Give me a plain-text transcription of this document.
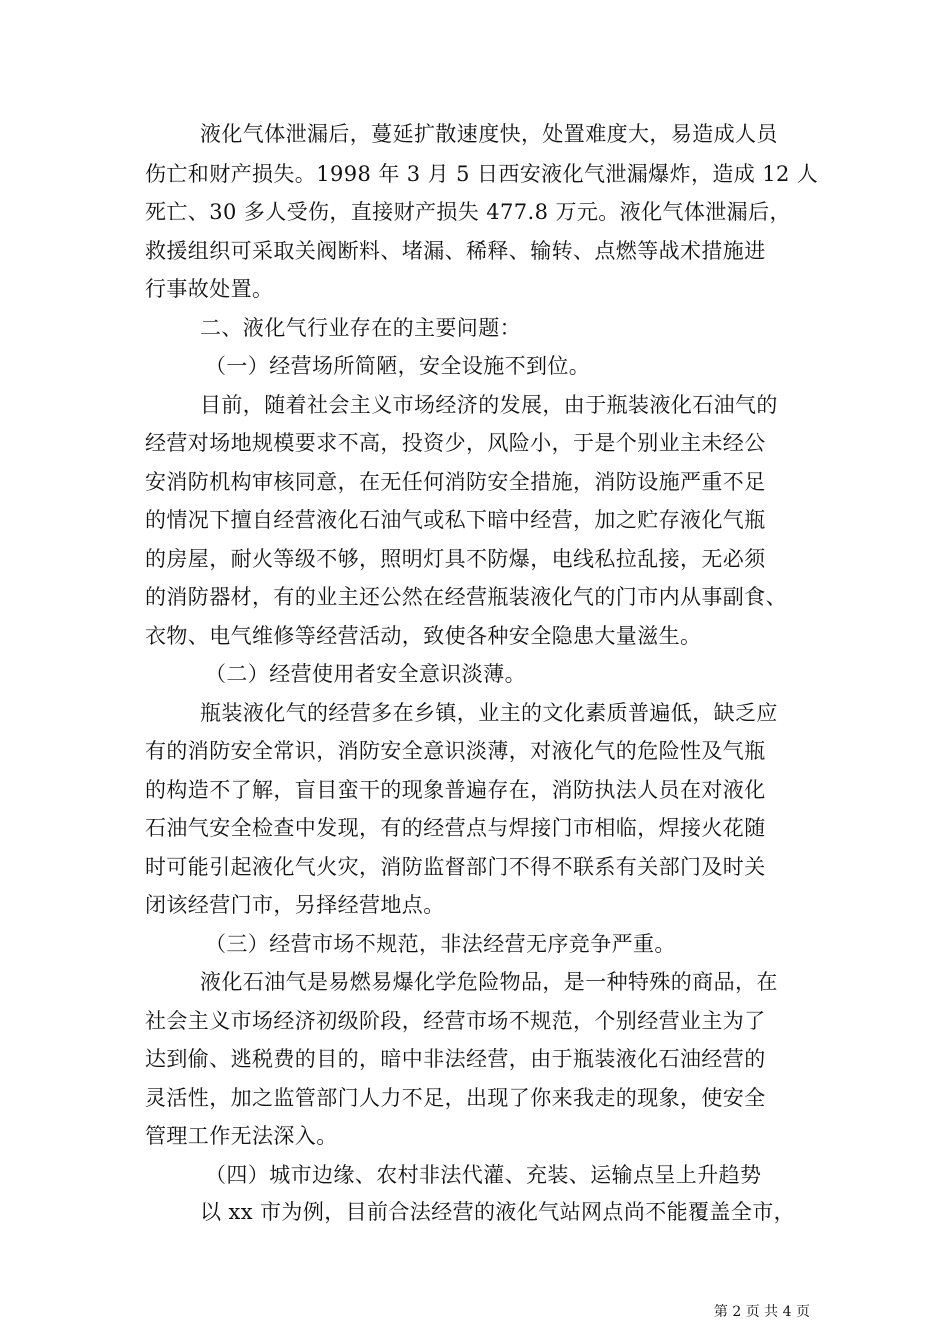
液化气体泄漏后，蔓延扩散速度快，处置难度大，易造成人员
伤亡和财产损失。1998 年 3 月 5 日西安液化气泄漏爆炸，造成 12 人
死亡、30 多人受伤，直接财产损失 477.8 万元。液化气体泄漏后，
救援组织可采取关阀断料、堵漏、稀释、输转、点燃等战术措施进
行事故处置。
二、液化气行业存在的主要问题：
（一）经营场所简陋，安全设施不到位。
目前，随着社会主义市场经济的发展，由于瓶装液化石油气的
经营对场地规模要求不高，投资少，风险小，于是个别业主未经公
安消防机构审核同意，在无任何消防安全措施，消防设施严重不足
的情况下擅自经营液化石油气或私下暗中经营，加之贮存液化气瓶
的房屋，耐火等级不够，照明灯具不防爆，电线私拉乱接，无必须
的消防器材，有的业主还公然在经营瓶装液化气的门市内从事副食、
衣物、电气维修等经营活动，致使各种安全隐患大量滋生。
（二）经营使用者安全意识淡薄。
瓶装液化气的经营多在乡镇，业主的文化素质普遍低，缺乏应
有的消防安全常识，消防安全意识淡薄，对液化气的危险性及气瓶
的构造不了解，盲目蛮干的现象普遍存在，消防执法人员在对液化
石油气安全检查中发现，有的经营点与焊接门市相临，焊接火花随
时可能引起液化气火灾，消防监督部门不得不联系有关部门及时关
闭该经营门市，另择经营地点。
（三）经营市场不规范，非法经营无序竞争严重。
液化石油气是易燃易爆化学危险物品，是一种特殊的商品，在
社会主义市场经济初级阶段，经营市场不规范，个别经营业主为了
达到偷、逃税费的目的，暗中非法经营，由于瓶装液化石油经营的
灵活性，加之监管部门人力不足，出现了你来我走的现象，使安全
管理工作无法深入。
（四）城市边缘、农村非法代灌、充装、运输点呈上升趋势
以 xx 市为例，目前合法经营的液化气站网点尚不能覆盖全市，
第 2 页 共 4 页
